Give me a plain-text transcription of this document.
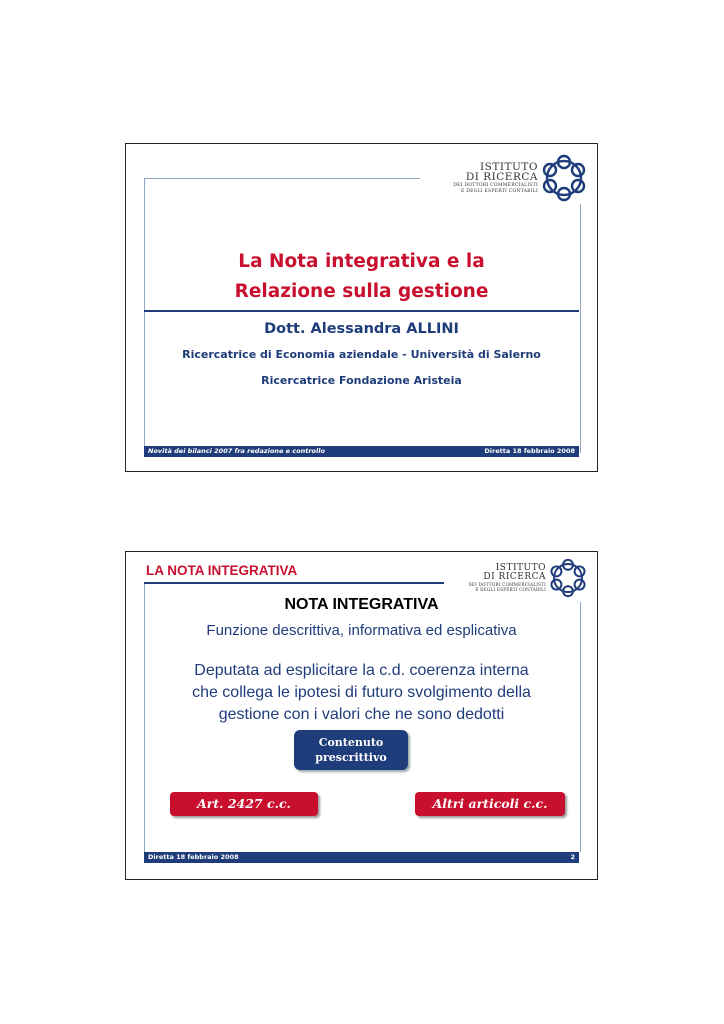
ISTITUTO
DI RICERCA
DEI DOTTORI COMMERCIALISTI
E DEGLI ESPERTI CONTABILI
La Nota integrativa e la
Relazione sulla gestione
Dott. Alessandra ALLINI
Ricercatrice di Economia aziendale - Università di Salerno
Ricercatrice Fondazione Aristeia
Novità dei bilanci 2007 fra redazione e controllo	Diretta 18 febbraio 2008
LA NOTA INTEGRATIVA	ISTITUTO
DI RICERCA
DEI DOTTORI COMMERCIALISTI
E DEGLI ESPERTI CONTABILI
NOTA INTEGRATIVA
Funzione descrittiva, informativa ed esplicativa
Deputata ad esplicitare la c.d. coerenza interna
che collega le ipotesi di futuro svolgimento della
gestione con i valori che ne sono dedotti
Contenuto
prescrittivo
Art. 2427 c.c.	Altri articoli c.c.
Diretta 18 febbraio 2008	2
